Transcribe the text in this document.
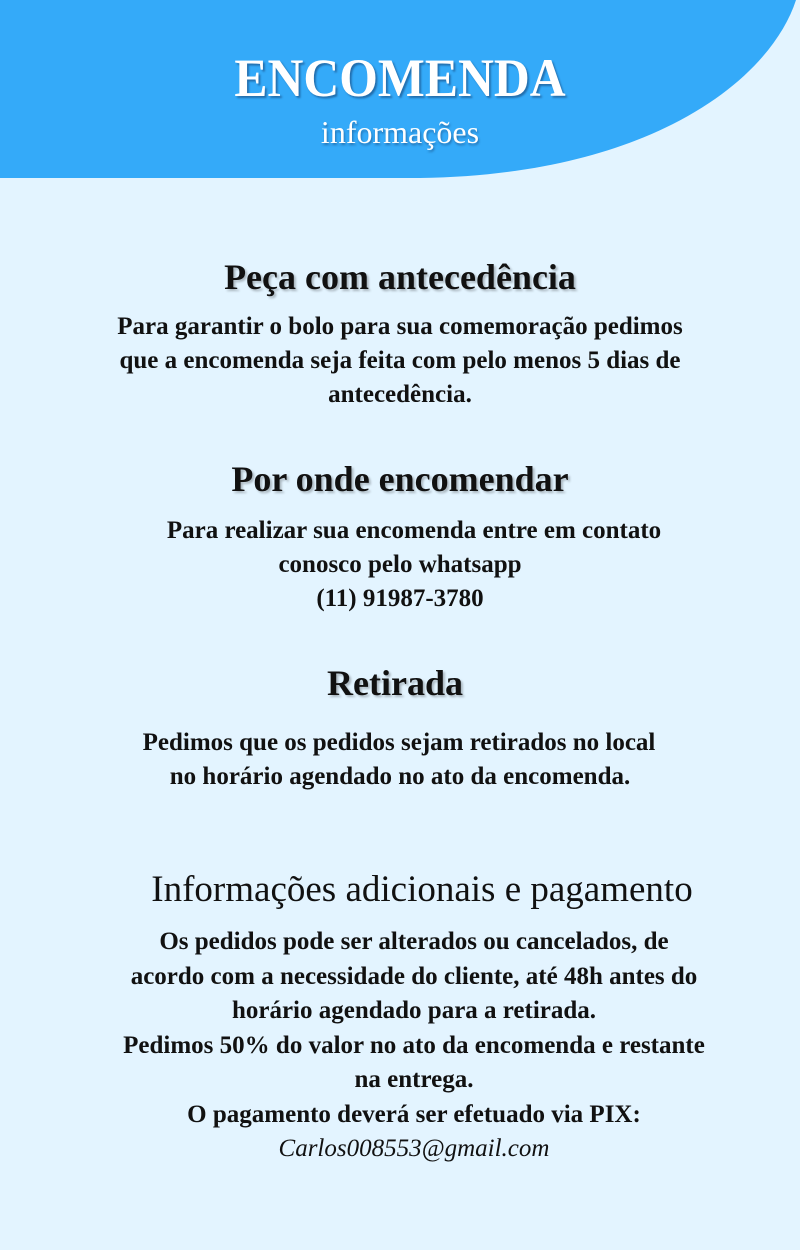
ENCOMENDA
informações
Peça com antecedência
Para garantir o bolo para sua comemoração pedimos
que a encomenda seja feita com pelo menos 5 dias de
antecedência.
Por onde encomendar
Para realizar sua encomenda entre em contato
conosco pelo whatsapp
(11) 91987-3780
Retirada
Pedimos que os pedidos sejam retirados no local
no horário agendado no ato da encomenda.
Informações adicionais e pagamento
Os pedidos pode ser alterados ou cancelados, de
acordo com a necessidade do cliente, até 48h antes do
horário agendado para a retirada.
Pedimos 50% do valor no ato da encomenda e restante
na entrega.
O pagamento deverá ser efetuado via PIX:
Carlos008553@gmail.com
